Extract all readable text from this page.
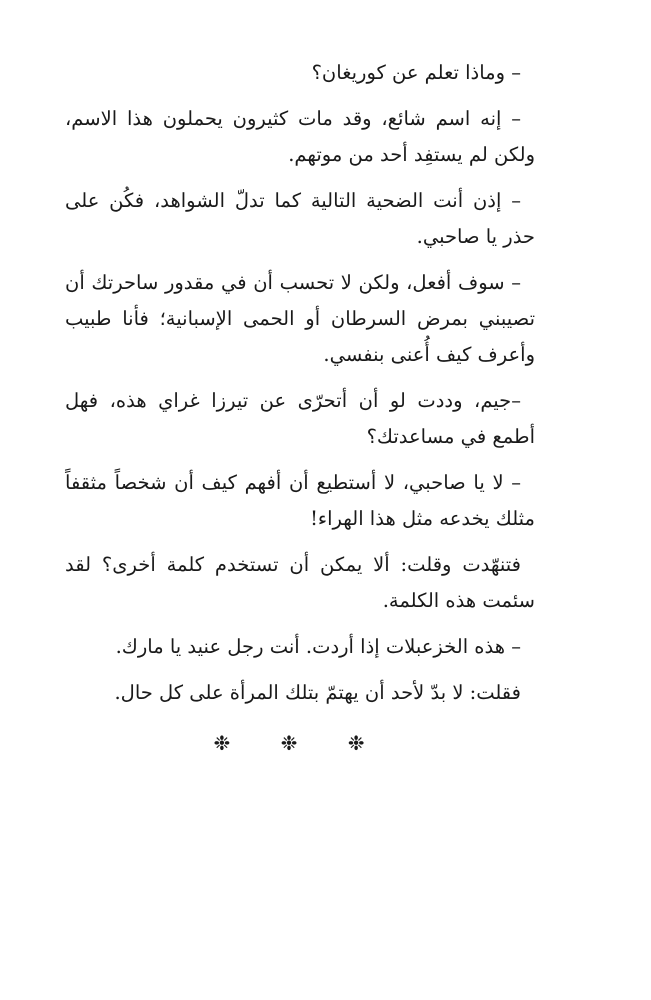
– وماذا تعلم عن كوريغان؟

– إنه اسم شائع، وقد مات كثيرون يحملون هذا الاسم، ولكن لم يستفِد أحد من موتهم.

– إذن أنت الضحية التالية كما تدلّ الشواهد، فكُن على حذر يا صاحبي.

– سوف أفعل، ولكن لا تحسب أن في مقدور ساحرتك أن تصيبني بمرض السرطان أو الحمى الإسبانية؛ فأنا طبيب وأعرف كيف أُعنى بنفسي.

–جيم، وددت لو أن أتحرّى عن تيرزا غراي هذه، فهل أطمع في مساعدتك؟

– لا يا صاحبي، لا أستطيع أن أفهم كيف أن شخصاً مثقفاً مثلك يخدعه مثل هذا الهراء!

فتنهّدت وقلت: ألا يمكن أن تستخدم كلمة أخرى؟ لقد سئمت هذه الكلمة.

– هذه الخزعبلات إذا أردت. أنت رجل عنيد يا مارك.

فقلت: لا بدّ لأحد أن يهتمّ بتلك المرأة على كل حال.

❉ ❉ ❉
